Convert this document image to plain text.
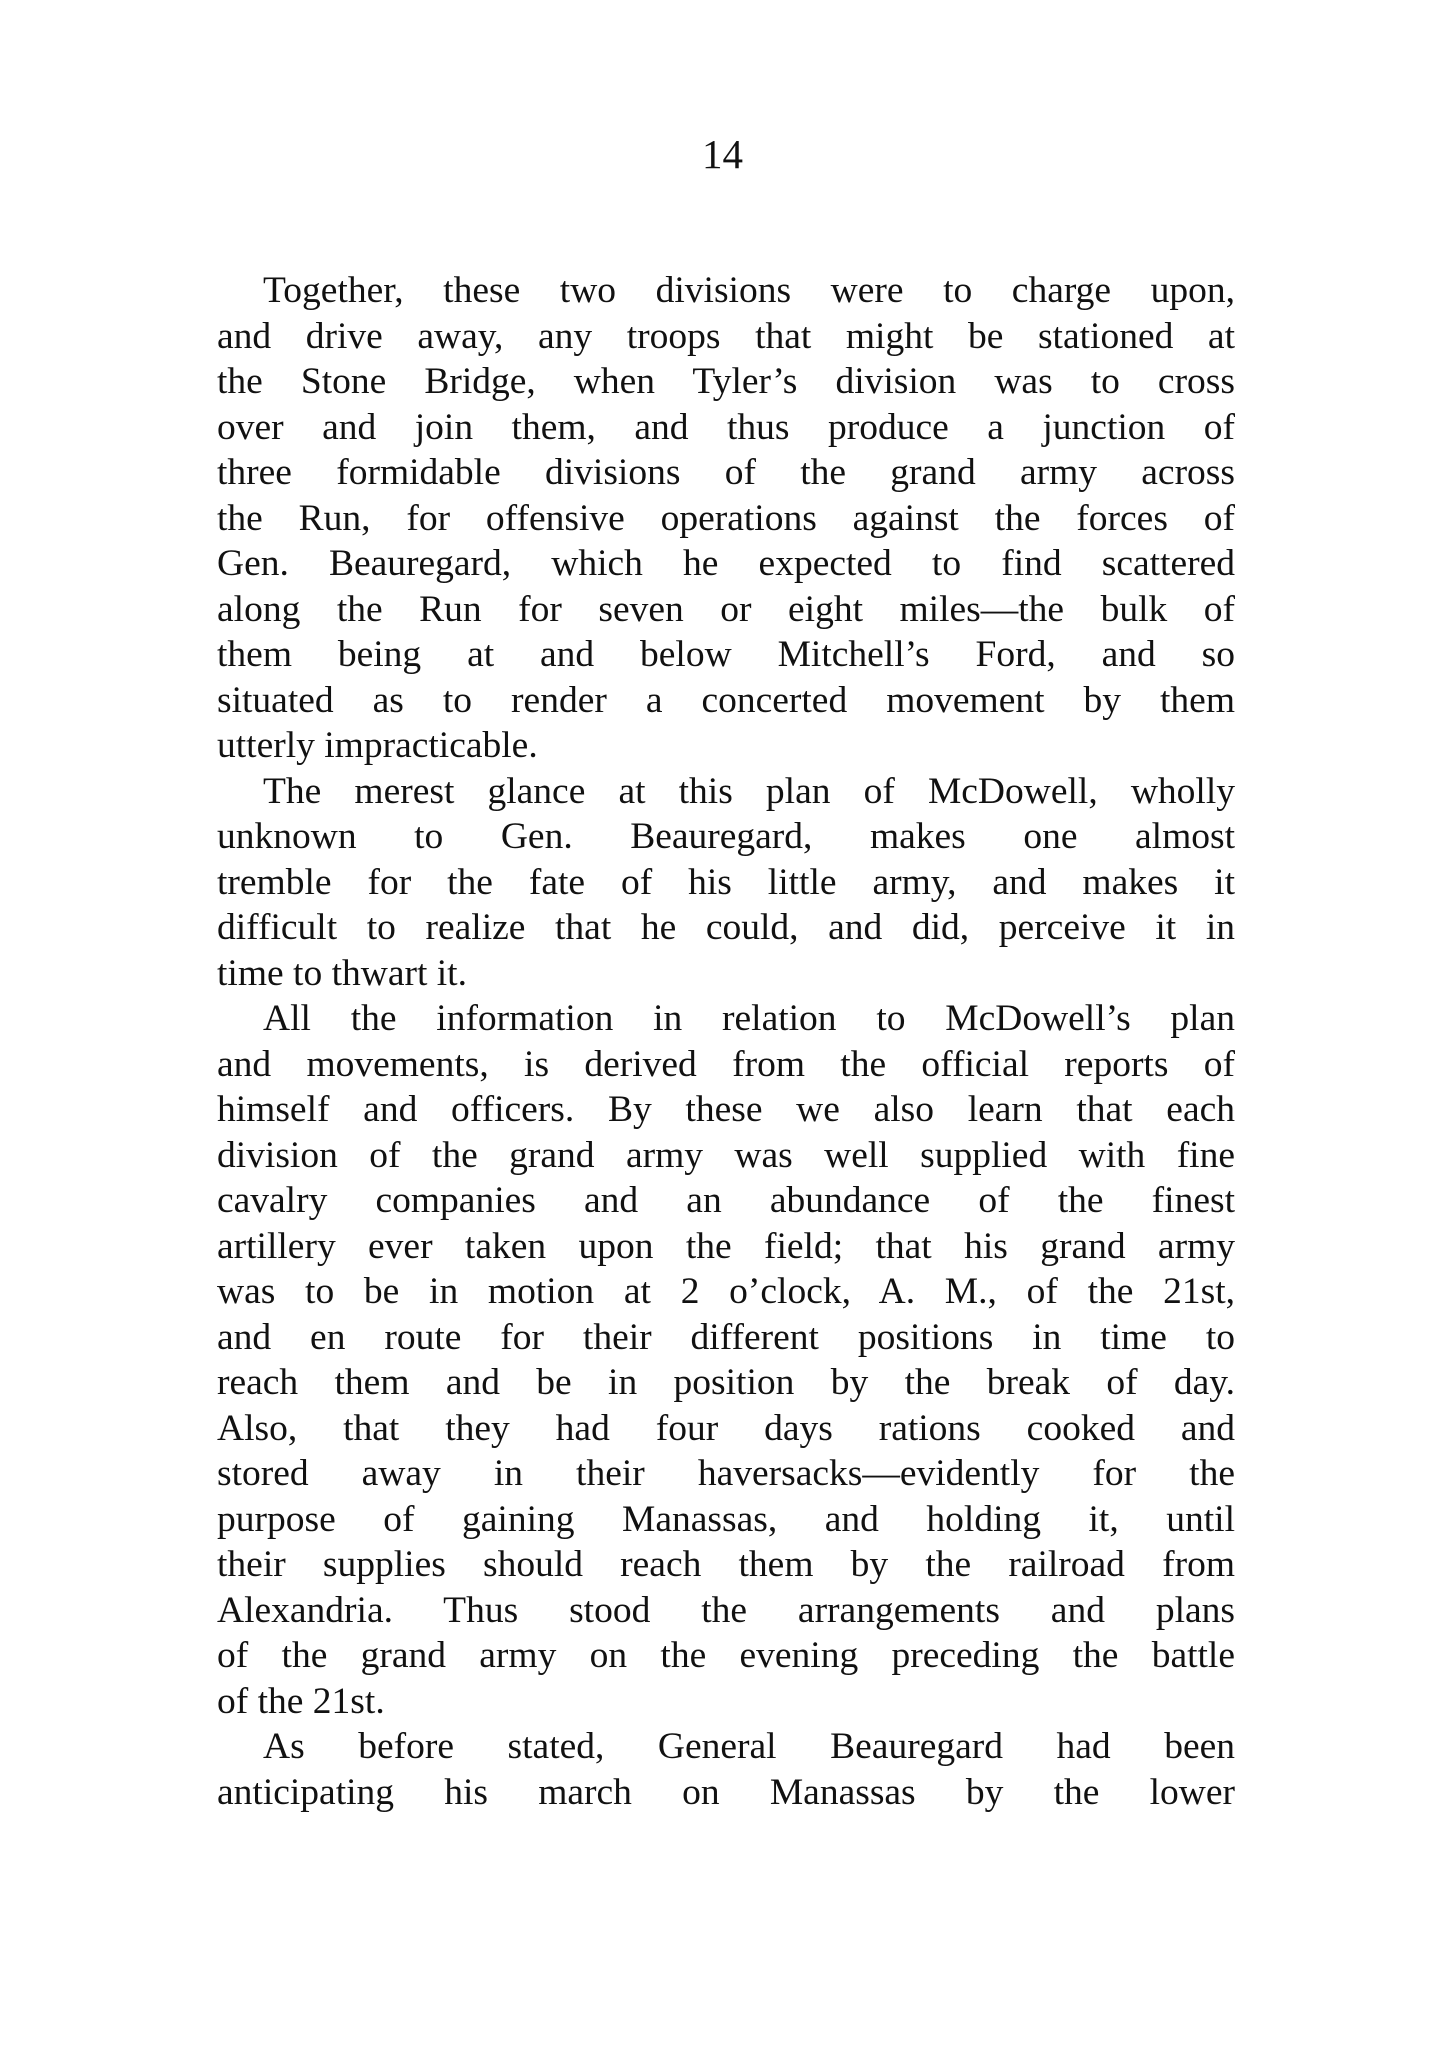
14
Together, these two divisions were to charge upon,
and drive away, any troops that might be stationed at
the Stone Bridge, when Tyler’s division was to cross
over and join them, and thus produce a junction of
three formidable divisions of the grand army across
the Run, for offensive operations against the forces of
Gen. Beauregard, which he expected to find scattered
along the Run for seven or eight miles—the bulk of
them being at and below Mitchell’s Ford, and so
situated as to render a concerted movement by them
utterly impracticable.
The merest glance at this plan of McDowell, wholly
unknown to Gen. Beauregard, makes one almost
tremble for the fate of his little army, and makes it
difficult to realize that he could, and did, perceive it in
time to thwart it.
All the information in relation to McDowell’s plan
and movements, is derived from the official reports of
himself and officers. By these we also learn that each
division of the grand army was well supplied with fine
cavalry companies and an abundance of the finest
artillery ever taken upon the field; that his grand army
was to be in motion at 2 o’clock, A. M., of the 21st,
and en route for their different positions in time to
reach them and be in position by the break of day.
Also, that they had four days rations cooked and
stored away in their haversacks—evidently for the
purpose of gaining Manassas, and holding it, until
their supplies should reach them by the railroad from
Alexandria. Thus stood the arrangements and plans
of the grand army on the evening preceding the battle
of the 21st.
As before stated, General Beauregard had been
anticipating his march on Manassas by the lower
